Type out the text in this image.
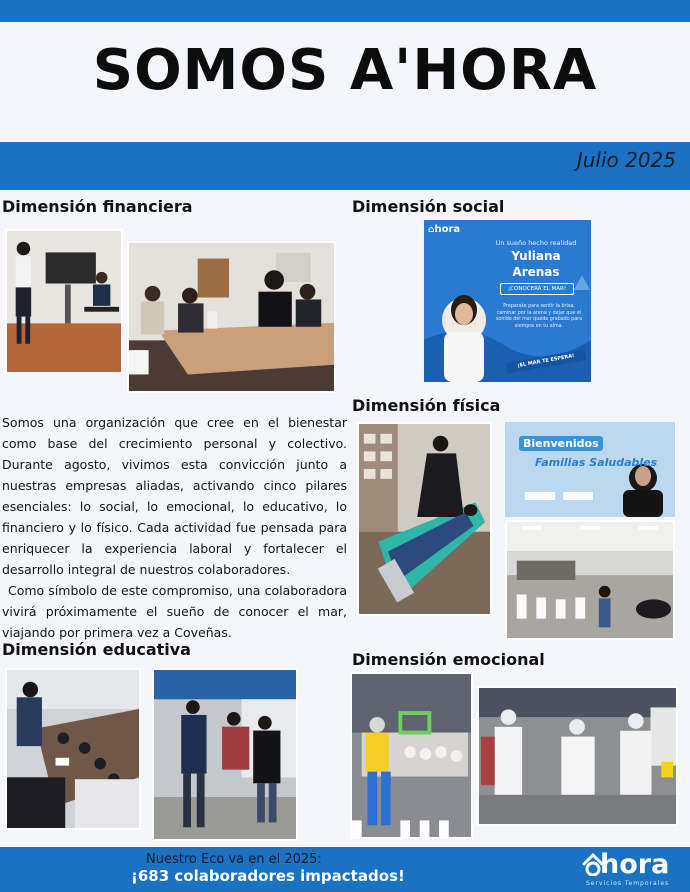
SOMOS A'HORA
Julio 2025
Dimensión financiera	Dimensión social
Dimensión física
Dimensión educativa
Dimensión emocional

Somos una organización que cree en el bienestar como base del crecimiento personal y colectivo. Durante agosto, vivimos esta convicción junto a nuestras empresas aliadas, activando cinco pilares esenciales: lo social, lo emocional, lo educativo, lo financiero y lo físico. Cada actividad fue pensada para enriquecer la experiencia laboral y fortalecer el desarrollo integral de nuestros colaboradores.

Como símbolo de este compromiso, una colaboradora vivirá próximamente el sueño de conocer el mar, viajando por primera vez a Coveñas.

⌂hora
Un sueño hecho realidad
Yuliana
Arenas
¡CONOCERÁ EL MAR!
Preparate para sentir la brisa, caminar por la arena y dejar que el sonido del mar quede grabado para siempre en tu alma.
¡EL MAR TE ESPERA!
Bienvenidos
Familias Saludables
Nuestro Eco va en el 2025:
¡683 colaboradores impactados!	hora
Servicios Temporales
